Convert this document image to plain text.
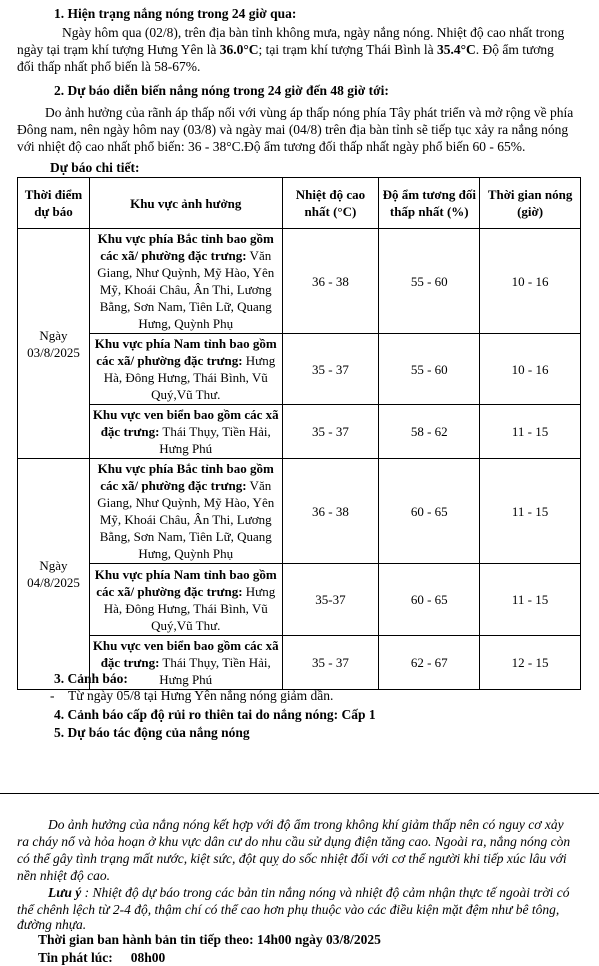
1. Hiện trạng nắng nóng trong 24 giờ qua:
Ngày hôm qua (02/8), trên địa bàn tỉnh không mưa, ngày nắng nóng. Nhiệt độ cao nhất trong
ngày tại trạm khí tượng Hưng Yên là 36.0°C; tại trạm khí tượng Thái Bình là 35.4°C. Độ ẩm tương
đối thấp nhất phổ biến là 58-67%.
2. Dự báo diễn biến nắng nóng trong 24 giờ đến 48 giờ tới:
Do ảnh hưởng của rãnh áp thấp nối với vùng áp thấp nóng phía Tây phát triển và mở rộng về phía
Đông nam, nên ngày hôm nay (03/8) và ngày mai (04/8) trên địa bàn tỉnh sẽ tiếp tục xảy ra nắng nóng
với nhiệt độ cao nhất phổ biến: 36 - 38°C.Độ ẩm tương đối thấp nhất ngày phổ biến 60 - 65%.
Dự báo chi tiết:
Thời điểm dự báo	Khu vực ảnh hưởng	Nhiệt độ cao nhất (°C)	Độ ẩm tương đối thấp nhất (%)	Thời gian nóng (giờ)
Ngày 03/8/2025	Khu vực phía Bắc tỉnh bao gồm các xã/ phường đặc trưng: Văn Giang, Như Quỳnh, Mỹ Hào, Yên Mỹ, Khoái Châu, Ân Thi, Lương Bằng, Sơn Nam, Tiên Lữ, Quang Hưng, Quỳnh Phụ	36 - 38	55 - 60	10 - 16
	Khu vực phía Nam tỉnh bao gồm các xã/ phường đặc trưng: Hưng Hà, Đông Hưng, Thái Bình, Vũ Quý,Vũ Thư.	35 - 37	55 - 60	10 - 16
	Khu vực ven biển bao gồm các xã đặc trưng: Thái Thụy, Tiền Hải, Hưng Phú	35 - 37	58 - 62	11 - 15
Ngày 04/8/2025	Khu vực phía Bắc tỉnh bao gồm các xã/ phường đặc trưng: Văn Giang, Như Quỳnh, Mỹ Hào, Yên Mỹ, Khoái Châu, Ân Thi, Lương Bằng, Sơn Nam, Tiên Lữ, Quang Hưng, Quỳnh Phụ	36 - 38	60 - 65	11 - 15
	Khu vực phía Nam tỉnh bao gồm các xã/ phường đặc trưng: Hưng Hà, Đông Hưng, Thái Bình, Vũ Quý,Vũ Thư.	35-37	60 - 65	11 - 15
	Khu vực ven biển bao gồm các xã đặc trưng: Thái Thụy, Tiền Hải, Hưng Phú	35 - 37	62 - 67	12 - 15
3. Cảnh báo:
- Từ ngày 05/8 tại Hưng Yên nắng nóng giảm dần.
4. Cảnh báo cấp độ rủi ro thiên tai do nắng nóng: Cấp 1
5. Dự báo tác động của nắng nóng
Do ảnh hưởng của nắng nóng kết hợp với độ ẩm trong không khí giảm thấp nên có nguy cơ xảy
ra cháy nổ và hỏa hoạn ở khu vực dân cư do nhu cầu sử dụng điện tăng cao. Ngoài ra, nắng nóng còn
có thể gây tình trạng mất nước, kiệt sức, đột quỵ do sốc nhiệt đối với cơ thể người khi tiếp xúc lâu với
nền nhiệt độ cao.
Lưu ý : Nhiệt độ dự báo trong các bản tin nắng nóng và nhiệt độ cảm nhận thực tế ngoài trời có
thể chênh lệch từ 2-4 độ, thậm chí có thể cao hơn phụ thuộc vào các điều kiện mặt đệm như bê tông,
đường nhựa.
Thời gian ban hành bản tin tiếp theo: 14h00 ngày 03/8/2025
Tin phát lúc: 08h00
